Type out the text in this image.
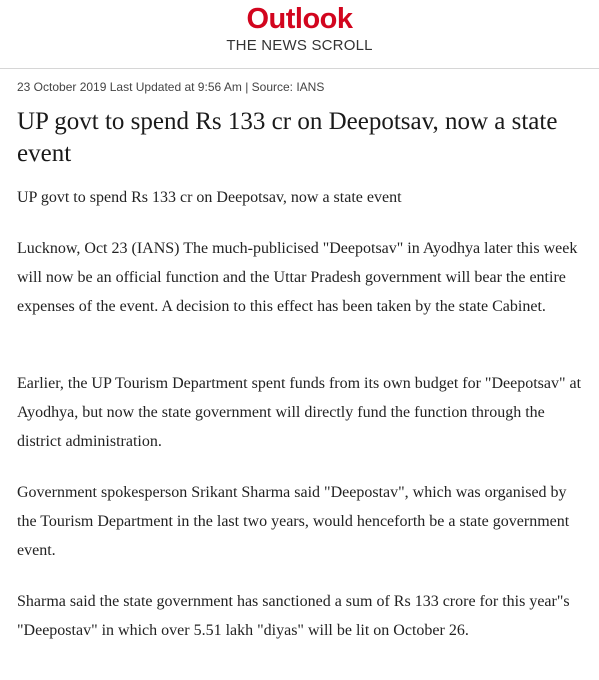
Outlook
THE NEWS SCROLL
23 October 2019 Last Updated at 9:56 Am | Source: IANS
UP govt to spend Rs 133 cr on Deepotsav, now a state event

UP govt to spend Rs 133 cr on Deepotsav, now a state event

Lucknow, Oct 23 (IANS) The much-publicised "Deepotsav" in Ayodhya later this week will now be an official function and the Uttar Pradesh government will bear the entire expenses of the event. A decision to this effect has been taken by the state Cabinet.

Earlier, the UP Tourism Department spent funds from its own budget for "Deepotsav" at Ayodhya, but now the state government will directly fund the function through the district administration.

Government spokesperson Srikant Sharma said "Deepostav", which was organised by the Tourism Department in the last two years, would henceforth be a state government event.

Sharma said the state government has sanctioned a sum of Rs 133 crore for this year"s "Deepostav" in which over 5.51 lakh "diyas" will be lit on October 26.
